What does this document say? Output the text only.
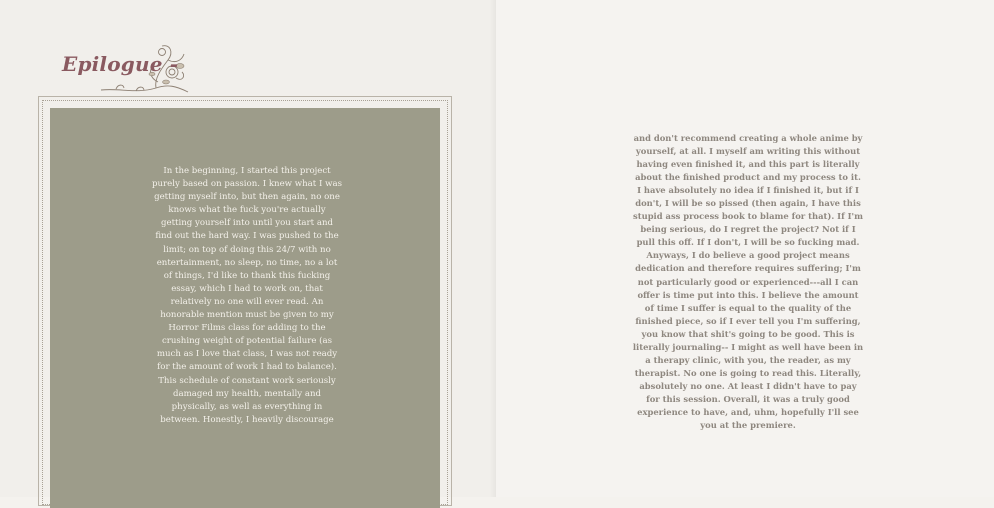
Epilogue -
In the beginning, I started this project purely based on passion. I knew what I was getting myself into, but then again, no one knows what the fuck you're actually getting yourself into until you start and find out the hard way. I was pushed to the limit; on top of doing this 24/7 with no entertainment, no sleep, no time, no a lot of things, I'd like to thank this fucking essay, which I had to work on, that relatively no one will ever read. An honorable mention must be given to my Horror Films class for adding to the crushing weight of potential failure (as much as I love that class, I was not ready for the amount of work I had to balance). This schedule of constant work seriously damaged my health, mentally and physically, as well as everything in between. Honestly, I heavily discourage
and don't recommend creating a whole anime by yourself, at all. I myself am writing this without having even finished it, and this part is literally about the finished product and my process to it. I have absolutely no idea if I finished it, but if I don't, I will be so pissed (then again, I have this stupid ass process book to blame for that). If I'm being serious, do I regret the project? Not if I pull this off. If I don't, I will be so fucking mad. Anyways, I do believe a good project means dedication and therefore requires suffering; I'm not particularly good or experienced---all I can offer is time put into this. I believe the amount of time I suffer is equal to the quality of the finished piece, so if I ever tell you I'm suffering, you know that shit's going to be good. This is literally journaling-- I might as well have been in a therapy clinic, with you, the reader, as my therapist. No one is going to read this. Literally, absolutely no one. At least I didn't have to pay for this session. Overall, it was a truly good experience to have, and, uhm, hopefully I'll see you at the premiere.
